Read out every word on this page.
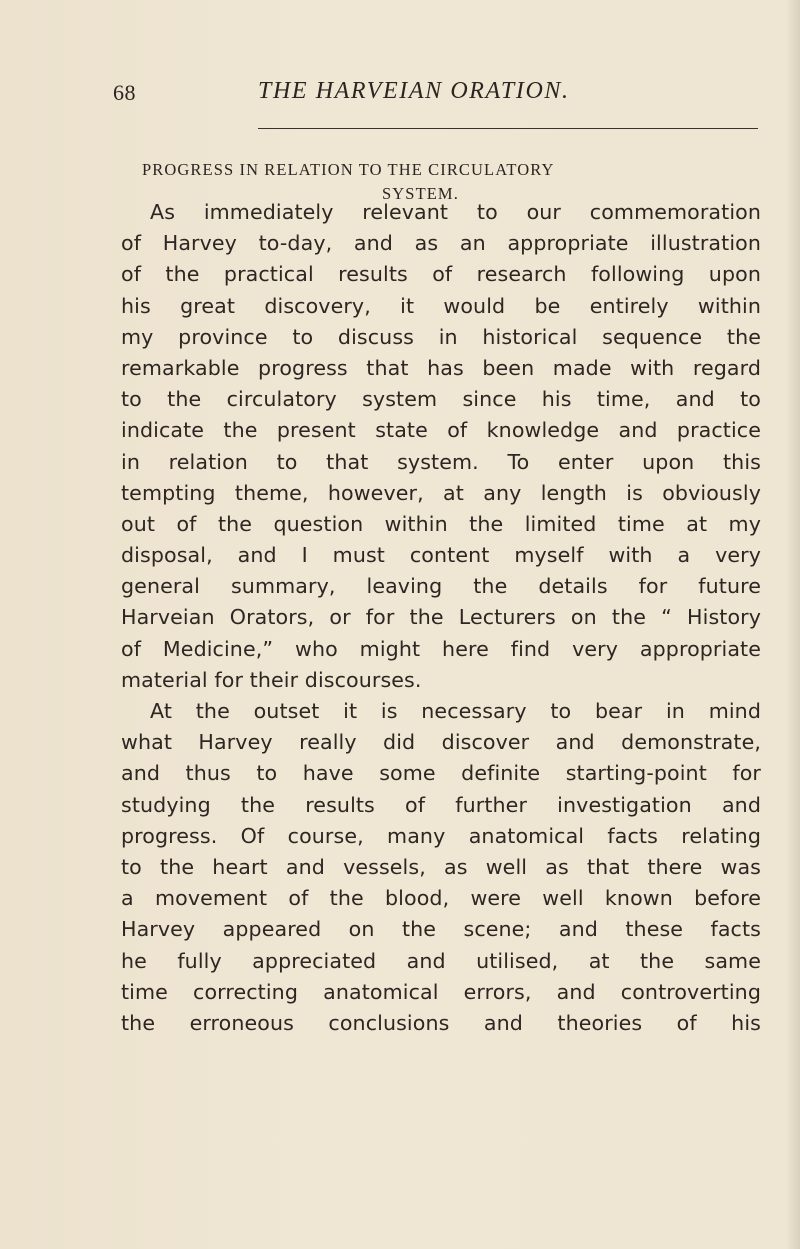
68	THE HARVEIAN ORATION.
PROGRESS IN RELATION TO THE CIRCULATORY
SYSTEM.
As immediately relevant to our commemoration
of Harvey to-day, and as an appropriate illustration
of the practical results of research following upon
his great discovery, it would be entirely within
my province to discuss in historical sequence the
remarkable progress that has been made with regard
to the circulatory system since his time, and to
indicate the present state of knowledge and practice
in relation to that system. To enter upon this
tempting theme, however, at any length is obviously
out of the question within the limited time at my
disposal, and I must content myself with a very
general summary, leaving the details for future
Harveian Orators, or for the Lecturers on the “ History
of Medicine,” who might here find very appropriate
material for their discourses.
At the outset it is necessary to bear in mind
what Harvey really did discover and demonstrate,
and thus to have some definite starting-point for
studying the results of further investigation and
progress. Of course, many anatomical facts relating
to the heart and vessels, as well as that there was
a movement of the blood, were well known before
Harvey appeared on the scene; and these facts
he fully appreciated and utilised, at the same
time correcting anatomical errors, and controverting
the erroneous conclusions and theories of his
